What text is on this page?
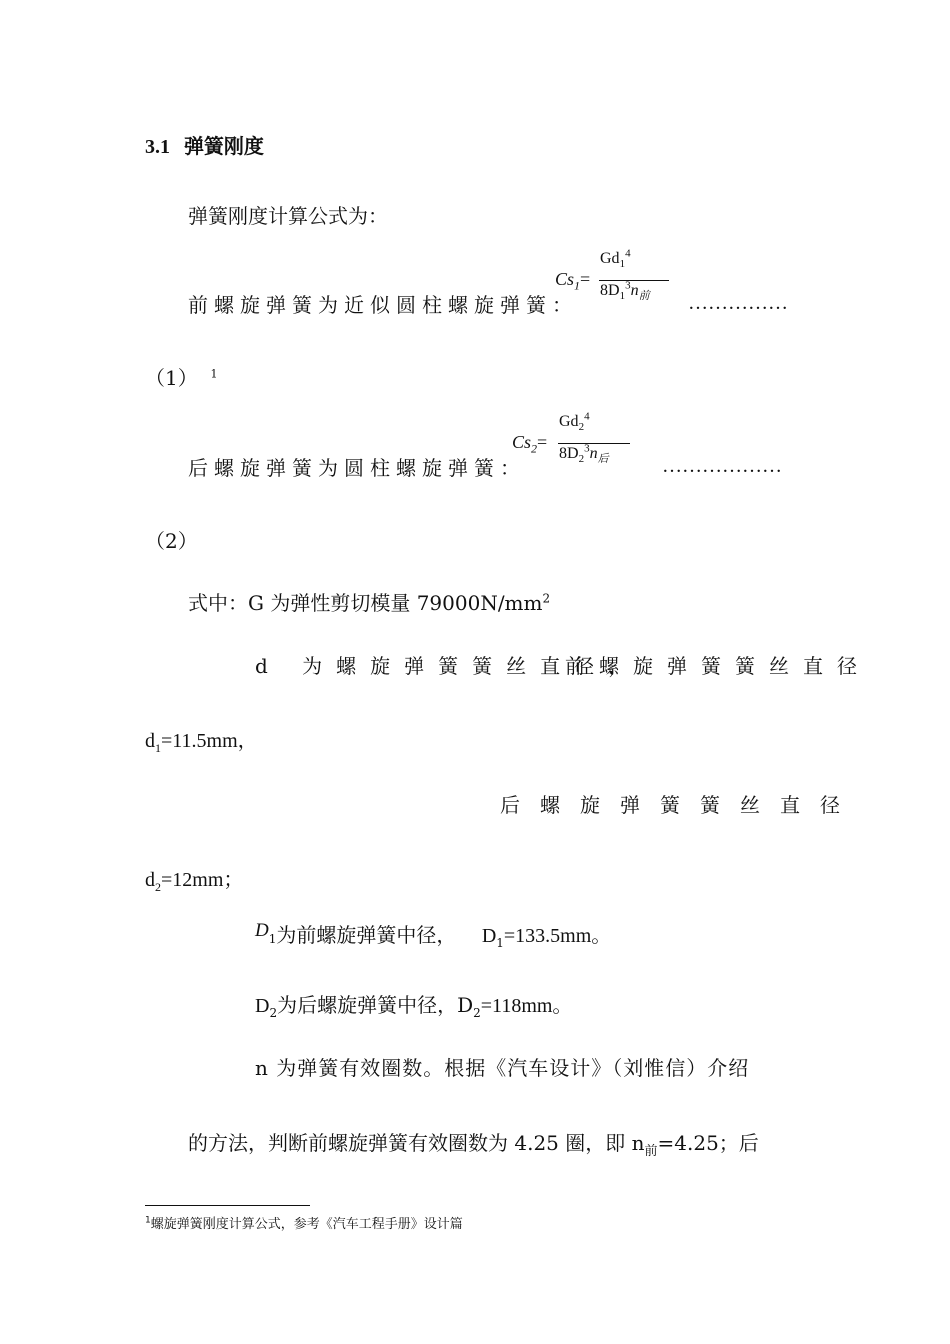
3.1 弹簧刚度
弹簧刚度计算公式为：
前螺旋弹簧为近似圆柱螺旋弹簧：
$Cs_1=$
$Gd_1^4$
$8D_1^3n_前$ ……………
（1） $^1$
后螺旋弹簧为圆柱螺旋弹簧：
$Cs_2=$
$Gd_2^4$
$8D_2^3n_后$	………………
（2）
式中：G 为弹性剪切模量 $79000N/mm^2$
d 为螺旋弹簧簧丝直径，
前螺旋弹簧簧丝直径
$d_1=11.5mm$，
后螺旋弹簧簧丝直径
$d_2=12mm$；
$D_1$为前螺旋弹簧中径， $D_1=133.5mm$。
$D_2$为后螺旋弹簧中径，$D_2=118mm$。
n 为弹簧有效圈数。根据《汽车设计》（刘惟信）介绍
的方法，判断前螺旋弹簧有效圈数为 4.25 圈，即 $n_前=4.25$；后
$^1$螺旋弹簧刚度计算公式，参考《汽车工程手册》设计篇
